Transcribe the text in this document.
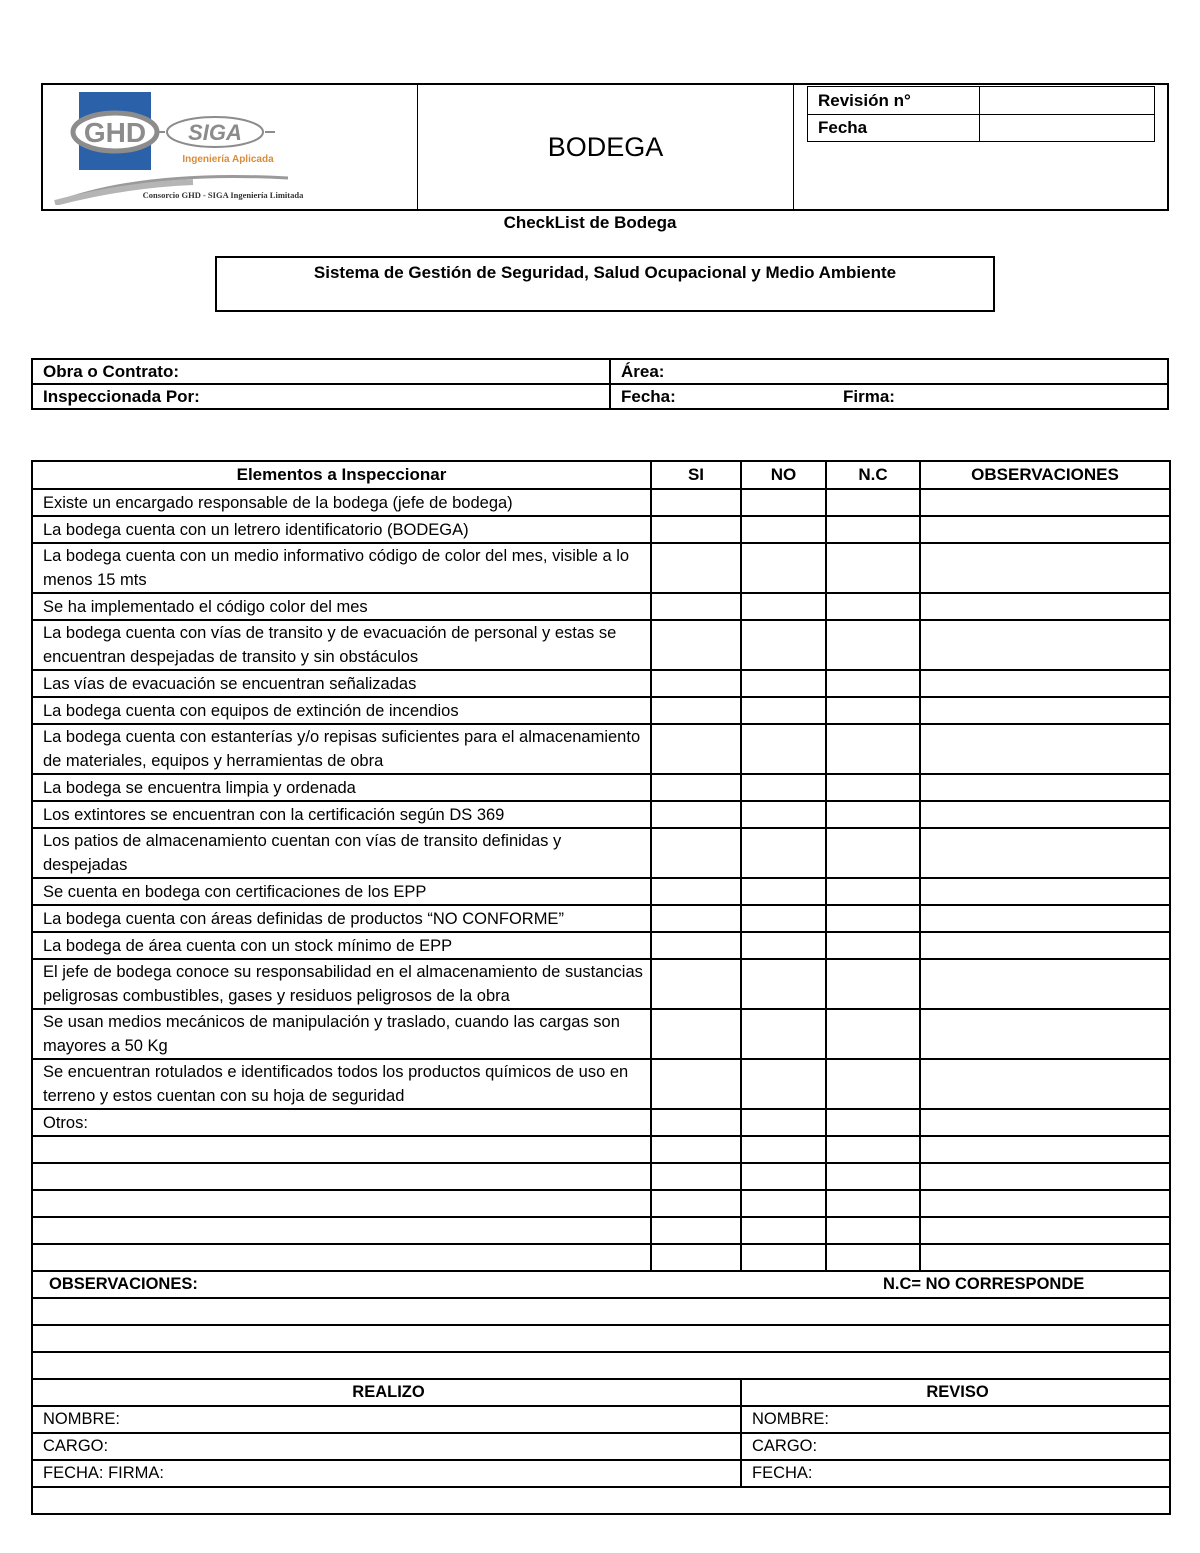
GHD SIGA
Ingeniería Aplicada
Consorcio GHD - SIGA Ingeniería Limitada
BODEGA
Revisión n°
Fecha
CheckList de Bodega
Sistema de Gestión de Seguridad, Salud Ocupacional y Medio Ambiente
Obra o Contrato:	Área:	
Inspeccionada Por:	Fecha:	Firma:
Elementos a Inspeccionar	SI	NO	N.C	OBSERVACIONES
Existe un encargado responsable de la bodega (jefe de bodega)				
La bodega cuenta con un letrero identificatorio (BODEGA)				
La bodega cuenta con un medio informativo código de color del mes, visible a lo menos 15 mts				
Se ha implementado el código color del mes				
La bodega cuenta con vías de transito y de evacuación de personal y estas se encuentran despejadas de transito y sin obstáculos				
Las vías de evacuación se encuentran señalizadas				
La bodega cuenta con equipos de extinción de incendios				
La bodega cuenta con estanterías y/o repisas suficientes para el almacenamiento de materiales, equipos y herramientas de obra				
La bodega se encuentra limpia y ordenada				
Los extintores se encuentran con la certificación según DS 369				
Los patios de almacenamiento cuentan con vías de transito definidas y despejadas				
Se cuenta en bodega con certificaciones de los EPP				
La bodega cuenta con áreas definidas de productos “NO CONFORME”				
La bodega de área cuenta con un stock mínimo de EPP				
El jefe de bodega conoce su responsabilidad en el almacenamiento de sustancias peligrosas combustibles, gases y residuos peligrosos de la obra				
Se usan medios mecánicos de manipulación y traslado, cuando las cargas son mayores a 50 Kg				
Se encuentran rotulados e identificados todos los productos químicos de uso en terreno y estos cuentan con su hoja de seguridad				
Otros:				

OBSERVACIONES: N.C= NO CORRESPONDE				

REALIZO		REVISO		
NOMBRE:		NOMBRE:		
CARGO:		CARGO:		
FECHA: FIRMA:		FECHA:		
